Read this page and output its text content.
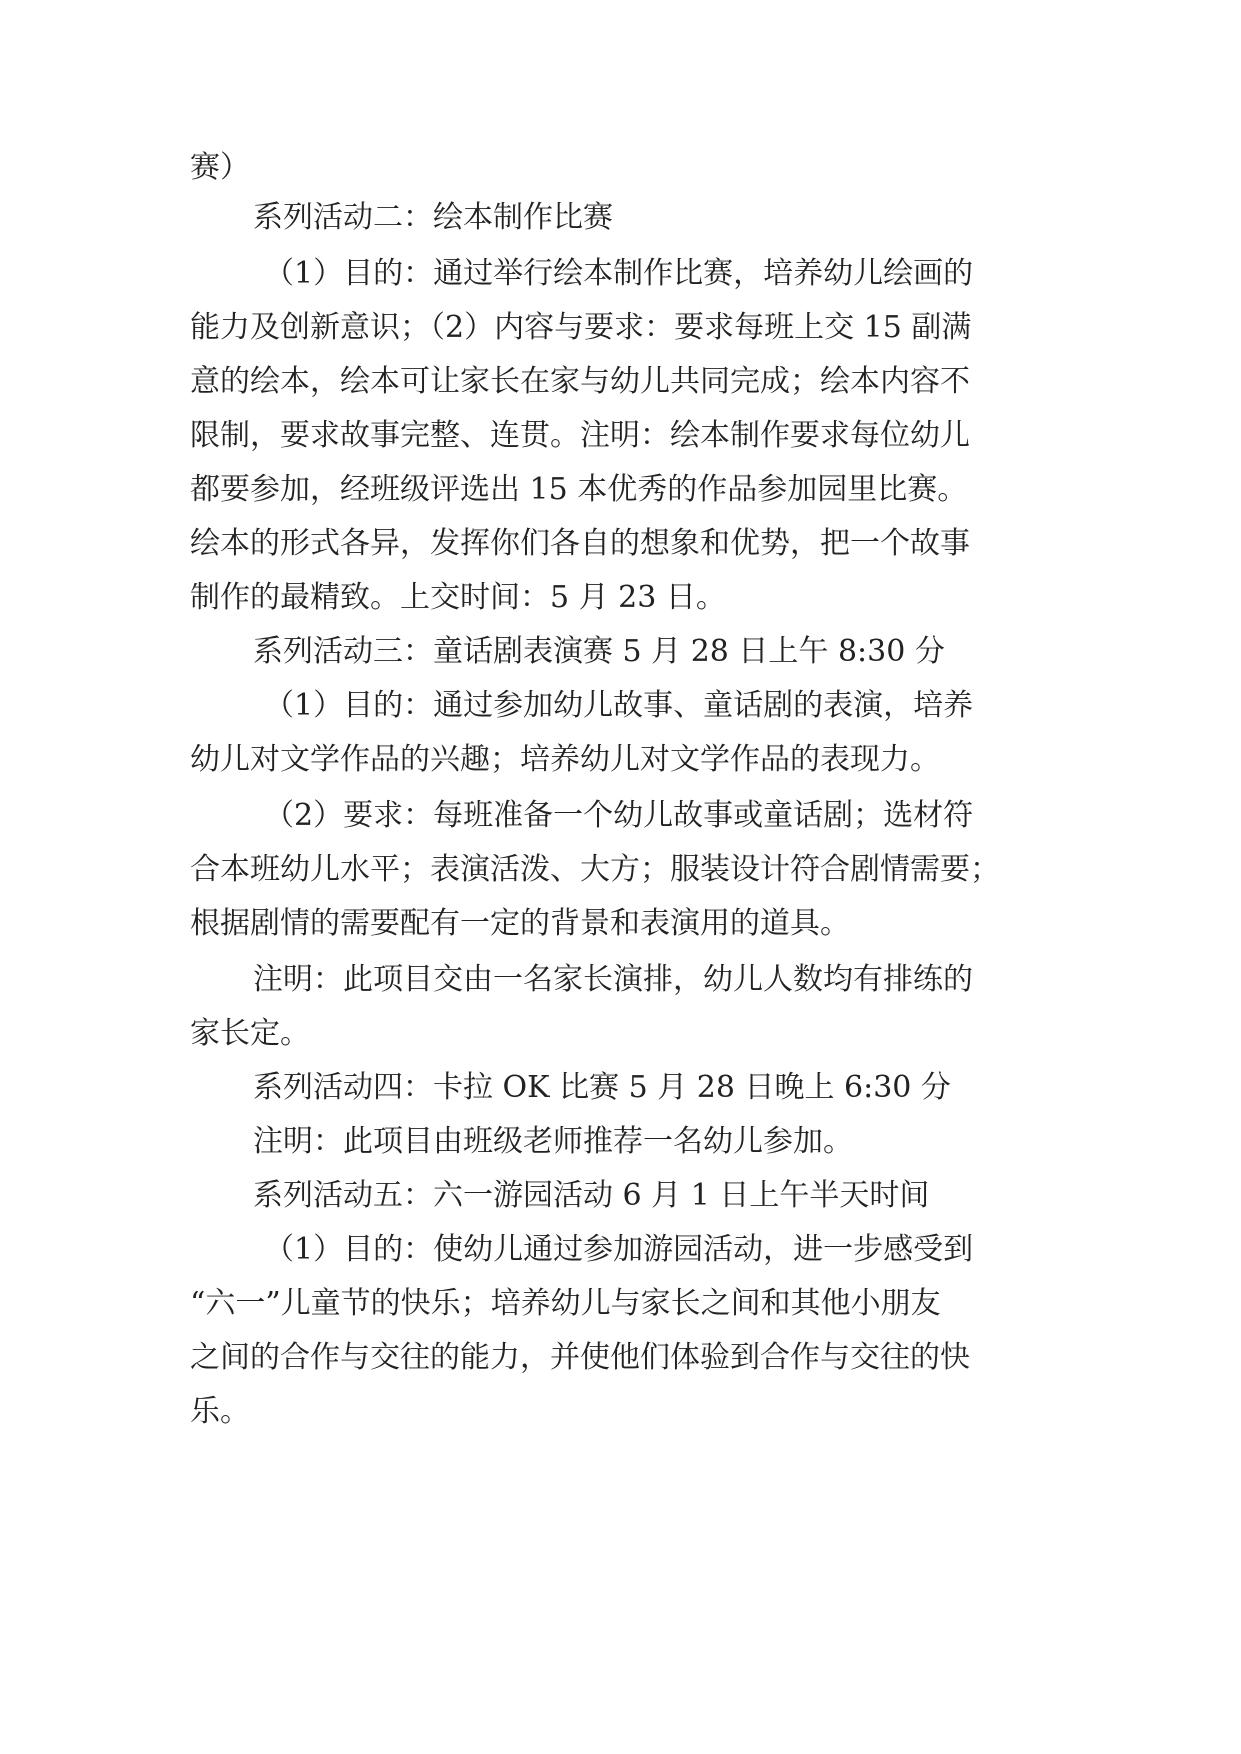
赛）

系列活动二：绘本制作比赛

（1）目的：通过举行绘本制作比赛，培养幼儿绘画的

能力及创新意识；（2）内容与要求：要求每班上交 15 副满

意的绘本，绘本可让家长在家与幼儿共同完成；绘本内容不

限制，要求故事完整、连贯。注明：绘本制作要求每位幼儿

都要参加，经班级评选出 15 本优秀的作品参加园里比赛。

绘本的形式各异，发挥你们各自的想象和优势，把一个故事

制作的最精致。上交时间：5 月 23 日。

系列活动三：童话剧表演赛 5 月 28 日上午 8:30 分

（1）目的：通过参加幼儿故事、童话剧的表演，培养

幼儿对文学作品的兴趣；培养幼儿对文学作品的表现力。

（2）要求：每班准备一个幼儿故事或童话剧；选材符

合本班幼儿水平；表演活泼、大方；服装设计符合剧情需要；

根据剧情的需要配有一定的背景和表演用的道具。

注明：此项目交由一名家长演排，幼儿人数均有排练的

家长定。

系列活动四：卡拉 OK 比赛 5 月 28 日晚上 6:30 分

注明：此项目由班级老师推荐一名幼儿参加。

系列活动五：六一游园活动 6 月 1 日上午半天时间

（1）目的：使幼儿通过参加游园活动，进一步感受到

“六一”儿童节的快乐；培养幼儿与家长之间和其他小朋友

之间的合作与交往的能力，并使他们体验到合作与交往的快

乐。
